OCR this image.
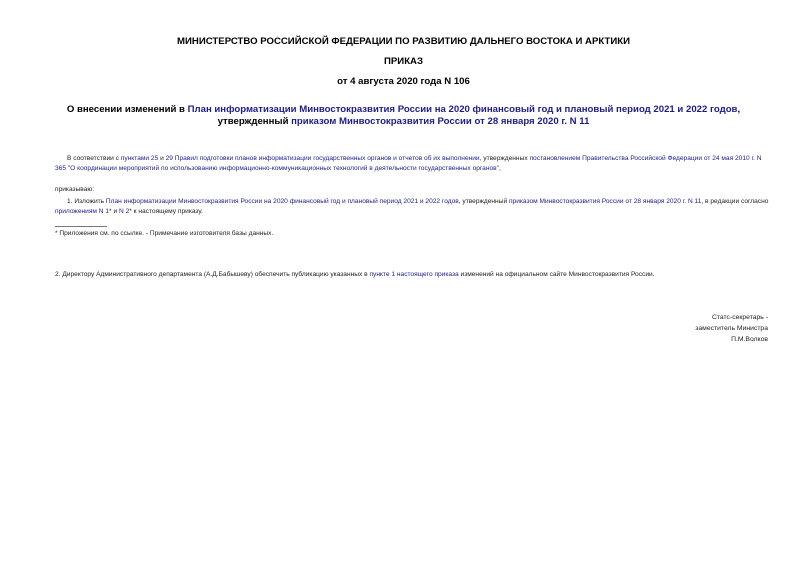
МИНИСТЕРСТВО РОССИЙСКОЙ ФЕДЕРАЦИИ ПО РАЗВИТИЮ ДАЛЬНЕГО ВОСТОКА И АРКТИКИ
ПРИКАЗ
от 4 августа 2020 года N 106
О внесении изменений в План информатизации Минвостокразвития России на 2020 финансовый год и плановый период 2021 и 2022 годов, утвержденный приказом Минвостокразвития России от 28 января 2020 г. N 11
В соответствии с пунктами 25 и 29 Правил подготовки планов информатизации государственных органов и отчетов об их выполнении, утвержденных постановлением Правительства Российской Федерации от 24 мая 2010 г. N 365 "О координации мероприятий по использованию информационно-коммуникационных технологий в деятельности государственных органов",
приказываю:
1. Изложить План информатизации Минвостокразвития России на 2020 финансовый год и плановый период 2021 и 2022 годов, утвержденный приказом Минвостокразвития России от 28 января 2020 г. N 11, в редакции согласно приложениям N 1* и N 2* к настоящему приказу.
* Приложения см. по ссылке. - Примечание изготовителя базы данных.
2. Директору Административного департамента (А.Д.Бабышеву) обеспечить публикацию указанных в пункте 1 настоящего приказа изменений на официальном сайте Минвостокразвития России.
Статс-секретарь -
заместитель Министра
П.М.Волков
